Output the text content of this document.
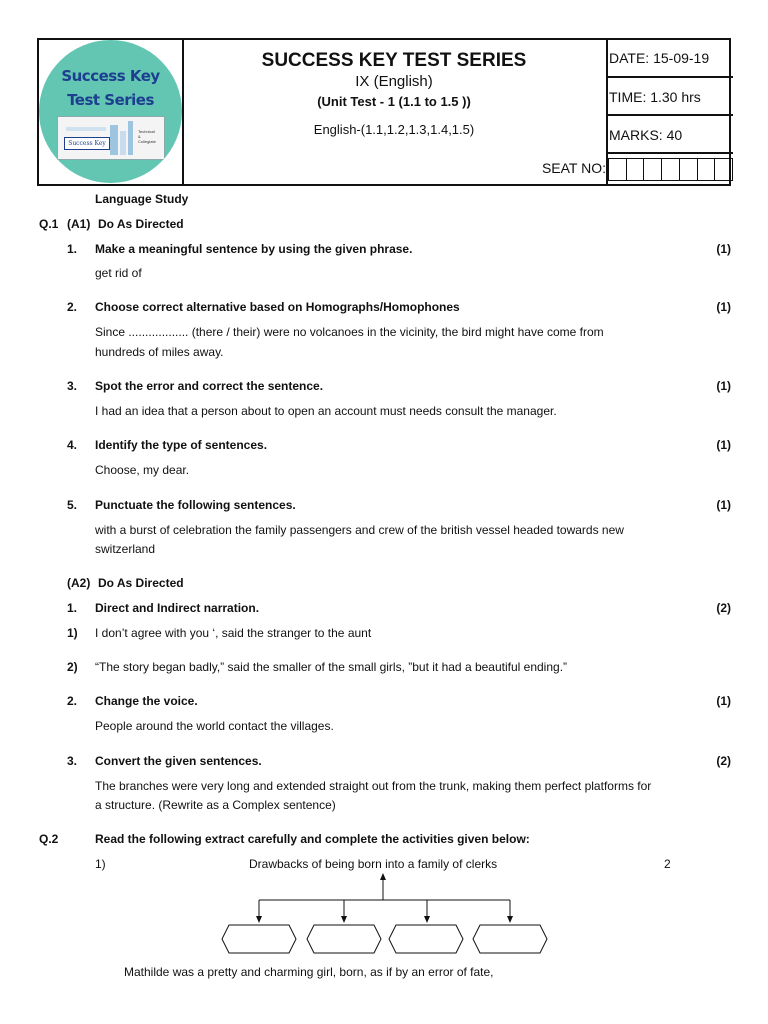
Success Key
Test Series
Success Key
Technical & Collegiate
SUCCESS KEY TEST SERIES
IX (English)
(Unit Test - 1 (1.1 to 1.5 ))
English-(1.1,1.2,1.3,1.4,1.5)
SEAT NO:
DATE: 15-09-19
TIME: 1.30 hrs
MARKS: 40
Language Study
Q.1 (A1) Do As Directed
1. Make a meaningful sentence by using the given phrase.	(1)
get rid of
2. Choose correct alternative based on Homographs/Homophones	(1)
Since .................. (there / their) were no volcanoes in the vicinity, the bird might have come from
hundreds of miles away.
3. Spot the error and correct the sentence.	(1)
I had an idea that a person about to open an account must needs consult the manager.
4. Identify the type of sentences.	(1)
Choose, my dear.
5. Punctuate the following sentences.	(1)
with a burst of celebration the family passengers and crew of the british vessel headed towards new
switzerland
(A2) Do As Directed
1. Direct and Indirect narration.	(2)
1) I don’t agree with you ‘, said the stranger to the aunt
2) “The story began badly,” said the smaller of the small girls, ”but it had a beautiful ending.”
2. Change the voice.	(1)
People around the world contact the villages.
3. Convert the given sentences.	(2)
The branches were very long and extended straight out from the trunk, making them perfect platforms for
a structure. (Rewrite as a Complex sentence)
Q.2	Read the following extract carefully and complete the activities given below:
1)	Drawbacks of being born into a family of clerks	2
Mathilde was a pretty and charming girl, born, as if by an error of fate,
